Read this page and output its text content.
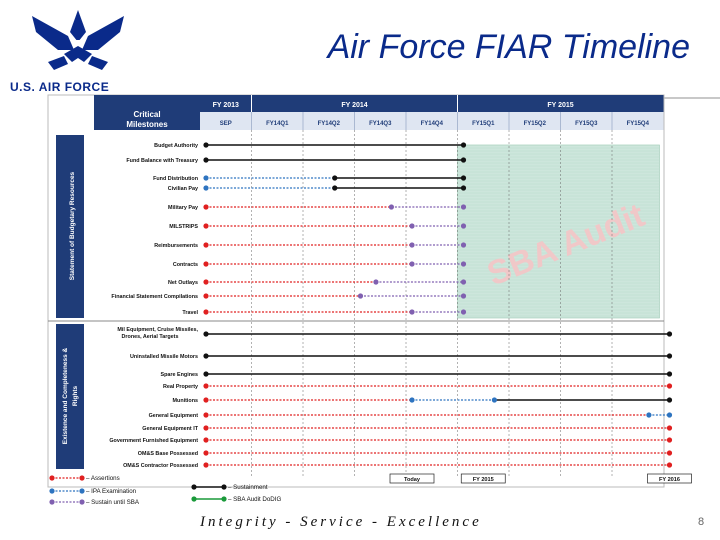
U.S. AIR FORCE
Air Force FIAR Timeline
Critical
Milestones
FY 2013	FY 2014	FY 2015
SEP	FY14Q1	FY14Q2	FY14Q3	FY14Q4	FY15Q1	FY15Q2	FY15Q3	FY15Q4
SBA Audit
Statement of Budgetary Resources
Existence and Completeness & Rights
Budget Authority
Fund Balance with Treasury
Fund Distribution
Civilian Pay
Military Pay
MILSTRIPS
Reimbursements
Contracts
Net Outlays
Financial Statement Compilations
Travel
Mil Equipment, Cruise Missiles,
Drones, Aerial Targets
Uninstalled Missile Motors
Spare Engines
Real Property
Munitions
General Equipment
General Equipment IT
Government Furnished Equipment
OM&S Base Possessed
OM&S Contractor Possessed
Today	FY 2015	FY 2016
– Assertions
– IPA Examination
– Sustain until SBA
– Sustainment
– SBA Audit DoDIG
Integrity - Service - Excellence	8
